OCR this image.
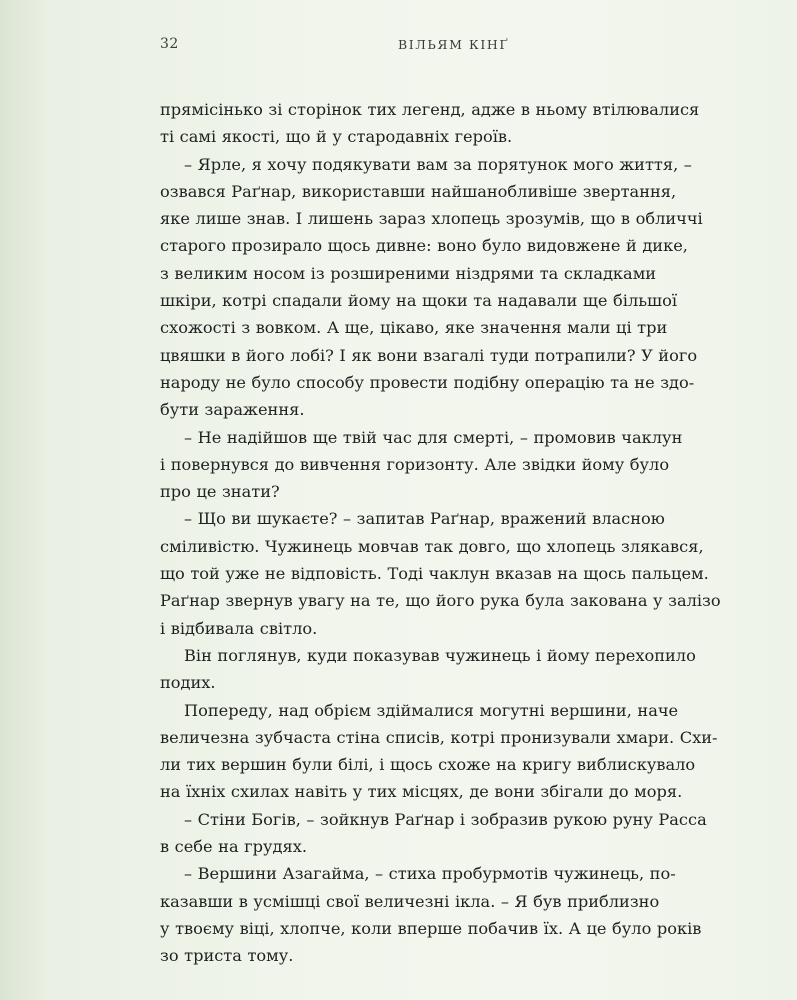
32	ВІЛЬЯМ КІНҐ
прямісінько зі сторінок тих легенд, адже в ньому втілювалися
ті самі якості, що й у стародавніх героїв.
– Ярле, я хочу подякувати вам за порятунок мого життя, –
озвався Раґнар, використавши найшанобливіше звертання,
яке лише знав. І лишень зараз хлопець зрозумів, що в обличчі
старого прозирало щось дивне: воно було видовжене й дике,
з великим носом із розширеними ніздрями та складками
шкіри, котрі спадали йому на щоки та надавали ще більшої
схожості з вовком. А ще, цікаво, яке значення мали ці три
цвяшки в його лобі? І як вони взагалі туди потрапили? У його
народу не було способу провести подібну операцію та не здо-
бути зараження.
– Не надійшов ще твій час для смерті, – промовив чаклун
і повернувся до вивчення горизонту. Але звідки йому було
про це знати?
– Що ви шукаєте? – запитав Раґнар, вражений власною
сміливістю. Чужинець мовчав так довго, що хлопець злякався,
що той уже не відповість. Тоді чаклун вказав на щось пальцем.
Раґнар звернув увагу на те, що його рука була закована у залізо
і відбивала світло.
Він поглянув, куди показував чужинець і йому перехопило
подих.
Попереду, над обрієм здіймалися могутні вершини, наче
величезна зубчаста стіна списів, котрі пронизували хмари. Схи-
ли тих вершин були білі, і щось схоже на кригу виблискувало
на їхніх схилах навіть у тих місцях, де вони збігали до моря.
– Стіни Богів, – зойкнув Раґнар і зобразив рукою руну Расса
в себе на грудях.
– Вершини Азагайма, – стиха пробурмотів чужинець, по-
казавши в усмішці свої величезні ікла. – Я був приблизно
у твоєму віці, хлопче, коли вперше побачив їх. А це було років
зо триста тому.
